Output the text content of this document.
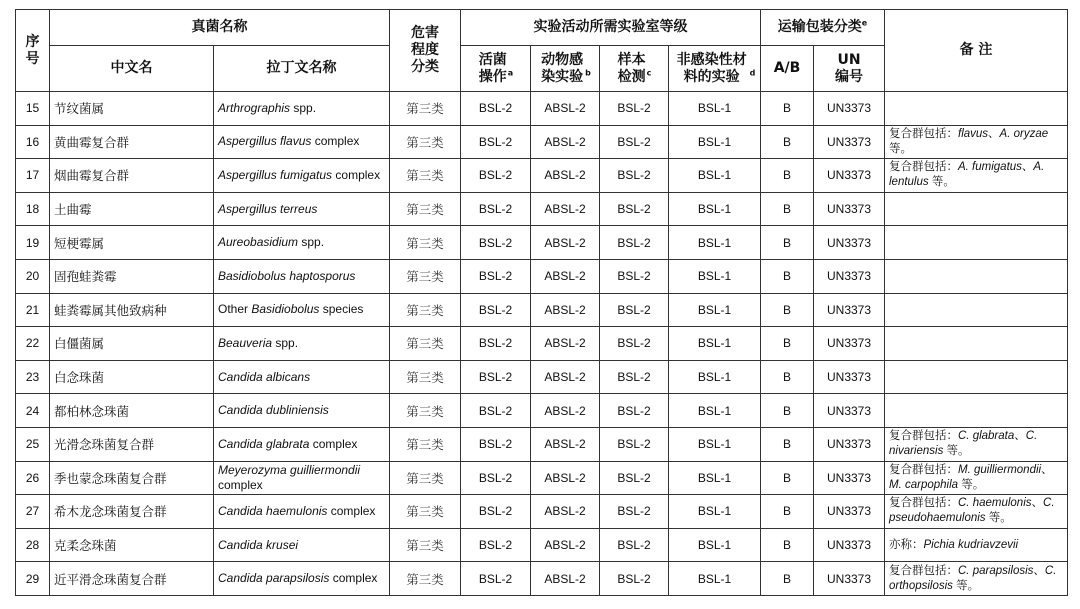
序号	真菌名称		危害程度分类	实验活动所需实验室等级				运输包装分类$^e$		备 注
	中文名	拉丁文名称		活菌操作$^a$	动物感染实验 $^b$	样本检测$^c$	非感染性材料的实验 $^d$	A/B	UN编号	

15	节纹菌属	Arthrographis spp.	第三类	BSL-2	ABSL-2	BSL-2	BSL-1	B	UN3373	
16	黄曲霉复合群	Aspergillus flavus complex	第三类	BSL-2	ABSL-2	BSL-2	BSL-1	B	UN3373	复合群包括：flavus、A. oryzae 等。
17	烟曲霉复合群	Aspergillus fumigatus complex	第三类	BSL-2	ABSL-2	BSL-2	BSL-1	B	UN3373	复合群包括：A. fumigatus、A. lentulus 等。
18	土曲霉	Aspergillus terreus	第三类	BSL-2	ABSL-2	BSL-2	BSL-1	B	UN3373	
19	短梗霉属	Aureobasidium spp.	第三类	BSL-2	ABSL-2	BSL-2	BSL-1	B	UN3373	
20	固孢蛙粪霉	Basidiobolus haptosporus	第三类	BSL-2	ABSL-2	BSL-2	BSL-1	B	UN3373	
21	蛙粪霉属其他致病种	Other Basidiobolus species	第三类	BSL-2	ABSL-2	BSL-2	BSL-1	B	UN3373	
22	白僵菌属	Beauveria spp.	第三类	BSL-2	ABSL-2	BSL-2	BSL-1	B	UN3373	
23	白念珠菌	Candida albicans	第三类	BSL-2	ABSL-2	BSL-2	BSL-1	B	UN3373	
24	都柏林念珠菌	Candida dubliniensis	第三类	BSL-2	ABSL-2	BSL-2	BSL-1	B	UN3373	
25	光滑念珠菌复合群	Candida glabrata complex	第三类	BSL-2	ABSL-2	BSL-2	BSL-1	B	UN3373	复合群包括：C. glabrata、C. nivariensis 等。
26	季也蒙念珠菌复合群	Meyerozyma guilliermondii complex	第三类	BSL-2	ABSL-2	BSL-2	BSL-1	B	UN3373	复合群包括：M. guilliermondii、M. carpophila 等。
27	希木龙念珠菌复合群	Candida haemulonis complex	第三类	BSL-2	ABSL-2	BSL-2	BSL-1	B	UN3373	复合群包括：C. haemulonis、C. pseudohaemulonis 等。
28	克柔念珠菌	Candida krusei	第三类	BSL-2	ABSL-2	BSL-2	BSL-1	B	UN3373	亦称：Pichia kudriavzevii
29	近平滑念珠菌复合群	Candida parapsilosis complex	第三类	BSL-2	ABSL-2	BSL-2	BSL-1	B	UN3373	复合群包括：C. parapsilosis、C. orthopsilosis 等。
